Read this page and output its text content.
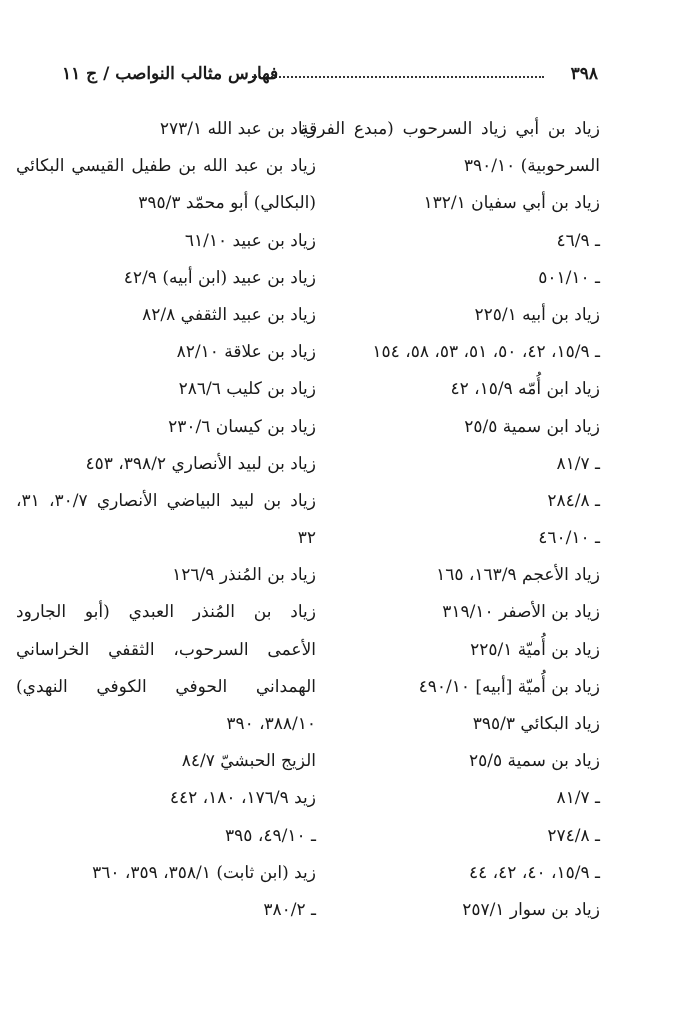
٣٩٨
فهارس مثالب النواصب / ج ١١
زياد بن أبي زياد السرحوب (مبدع الفرقة
السرحوبية) ٣٩٠/١٠
زياد بن أبي سفيان ١٣٢/١
ـ ٤٦/٩
ـ ٥٠١/١٠
زياد بن أبيه ٢٢٥/١
ـ ١٥/٩، ٤٢، ٥٠، ٥١، ٥٣، ٥٨، ١٥٤
زياد ابن أُمّه ١٥/٩، ٤٢
زياد ابن سمية ٢٥/٥
ـ ٨١/٧
ـ ٢٨٤/٨
ـ ٤٦٠/١٠
زياد الأعجم ١٦٣/٩، ١٦٥
زياد بن الأصفر ٣١٩/١٠
زياد بن أُميّة ٢٢٥/١
زياد بن أُميّة [أبيه] ٤٩٠/١٠
زياد البكائي ٣٩٥/٣
زياد بن سمية ٢٥/٥
ـ ٨١/٧
ـ ٢٧٤/٨
ـ ١٥/٩، ٤٠، ٤٢، ٤٤
زياد بن سوار ٢٥٧/١
زياد بن عبد الله ٢٧٣/١
زياد بن عبد الله بن طفيل القيسي البكائي
(البكالي) أبو محمّد ٣٩٥/٣
زياد بن عبيد ٦١/١٠
زياد بن عبيد (ابن أبيه) ٤٢/٩
زياد بن عبيد الثقفي ٨٢/٨
زياد بن علاقة ٨٢/١٠
زياد بن كليب ٢٨٦/٦
زياد بن كيسان ٢٣٠/٦
زياد بن لبيد الأنصاري ٣٩٨/٢، ٤٥٣
زياد بن لبيد البياضي الأنصاري ٣٠/٧، ٣١،
٣٢
زياد بن المُنذر ١٢٦/٩
زياد بن المُنذر العبدي (أبو الجارود
الأعمى السرحوب، الثقفي الخراساني
الهمداني الحوفي الكوفي النهدي)
٣٨٨/١٠، ٣٩٠
الزيج الحبشيّ ٨٤/٧
زيد ١٧٦/٩، ١٨٠، ٤٤٢
ـ ٤٩/١٠، ٣٩٥
زيد (ابن ثابت) ٣٥٨/١، ٣٥٩، ٣٦٠
ـ ٣٨٠/٢
